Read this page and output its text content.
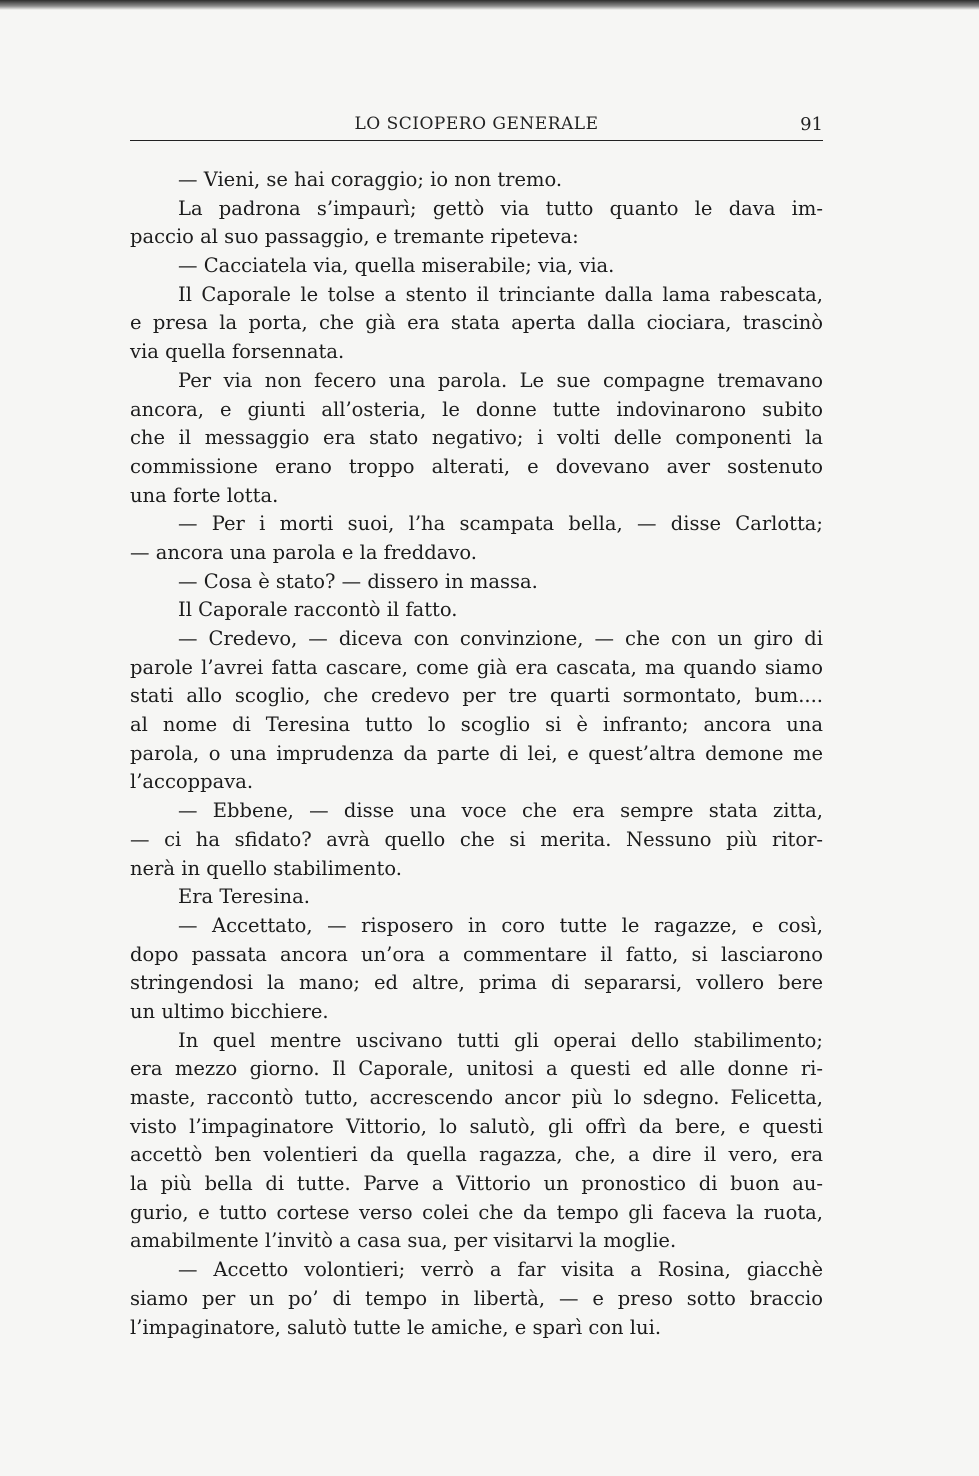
LO SCIOPERO GENERALE	91
— Vieni, se hai coraggio; io non tremo.
La padrona s’impaurì; gettò via tutto quanto le dava im-
paccio al suo passaggio, e tremante ripeteva:
— Cacciatela via, quella miserabile; via, via.
Il Caporale le tolse a stento il trinciante dalla lama rabescata,
e presa la porta, che già era stata aperta dalla ciociara, trascinò
via quella forsennata.
Per via non fecero una parola. Le sue compagne tremavano
ancora, e giunti all’osteria, le donne tutte indovinarono subito
che il messaggio era stato negativo; i volti delle componenti la
commissione erano troppo alterati, e dovevano aver sostenuto
una forte lotta.
— Per i morti suoi, l’ha scampata bella, — disse Carlotta;
— ancora una parola e la freddavo.
— Cosa è stato? — dissero in massa.
Il Caporale raccontò il fatto.
— Credevo, — diceva con convinzione, — che con un giro di
parole l’avrei fatta cascare, come già era cascata, ma quando siamo
stati allo scoglio, che credevo per tre quarti sormontato, bum....
al nome di Teresina tutto lo scoglio si è infranto; ancora una
parola, o una imprudenza da parte di lei, e quest’altra demone me
l’accoppava.
— Ebbene, — disse una voce che era sempre stata zitta,
— ci ha sfidato? avrà quello che si merita. Nessuno più ritor-
nerà in quello stabilimento.
Era Teresina.
— Accettato, — risposero in coro tutte le ragazze, e così,
dopo passata ancora un’ora a commentare il fatto, si lasciarono
stringendosi la mano; ed altre, prima di separarsi, vollero bere
un ultimo bicchiere.
In quel mentre uscivano tutti gli operai dello stabilimento;
era mezzo giorno. Il Caporale, unitosi a questi ed alle donne ri-
maste, raccontò tutto, accrescendo ancor più lo sdegno. Felicetta,
visto l’impaginatore Vittorio, lo salutò, gli offrì da bere, e questi
accettò ben volentieri da quella ragazza, che, a dire il vero, era
la più bella di tutte. Parve a Vittorio un pronostico di buon au-
gurio, e tutto cortese verso colei che da tempo gli faceva la ruota,
amabilmente l’invitò a casa sua, per visitarvi la moglie.
— Accetto volontieri; verrò a far visita a Rosina, giacchè
siamo per un po’ di tempo in libertà, — e preso sotto braccio
l’impaginatore, salutò tutte le amiche, e sparì con lui.
